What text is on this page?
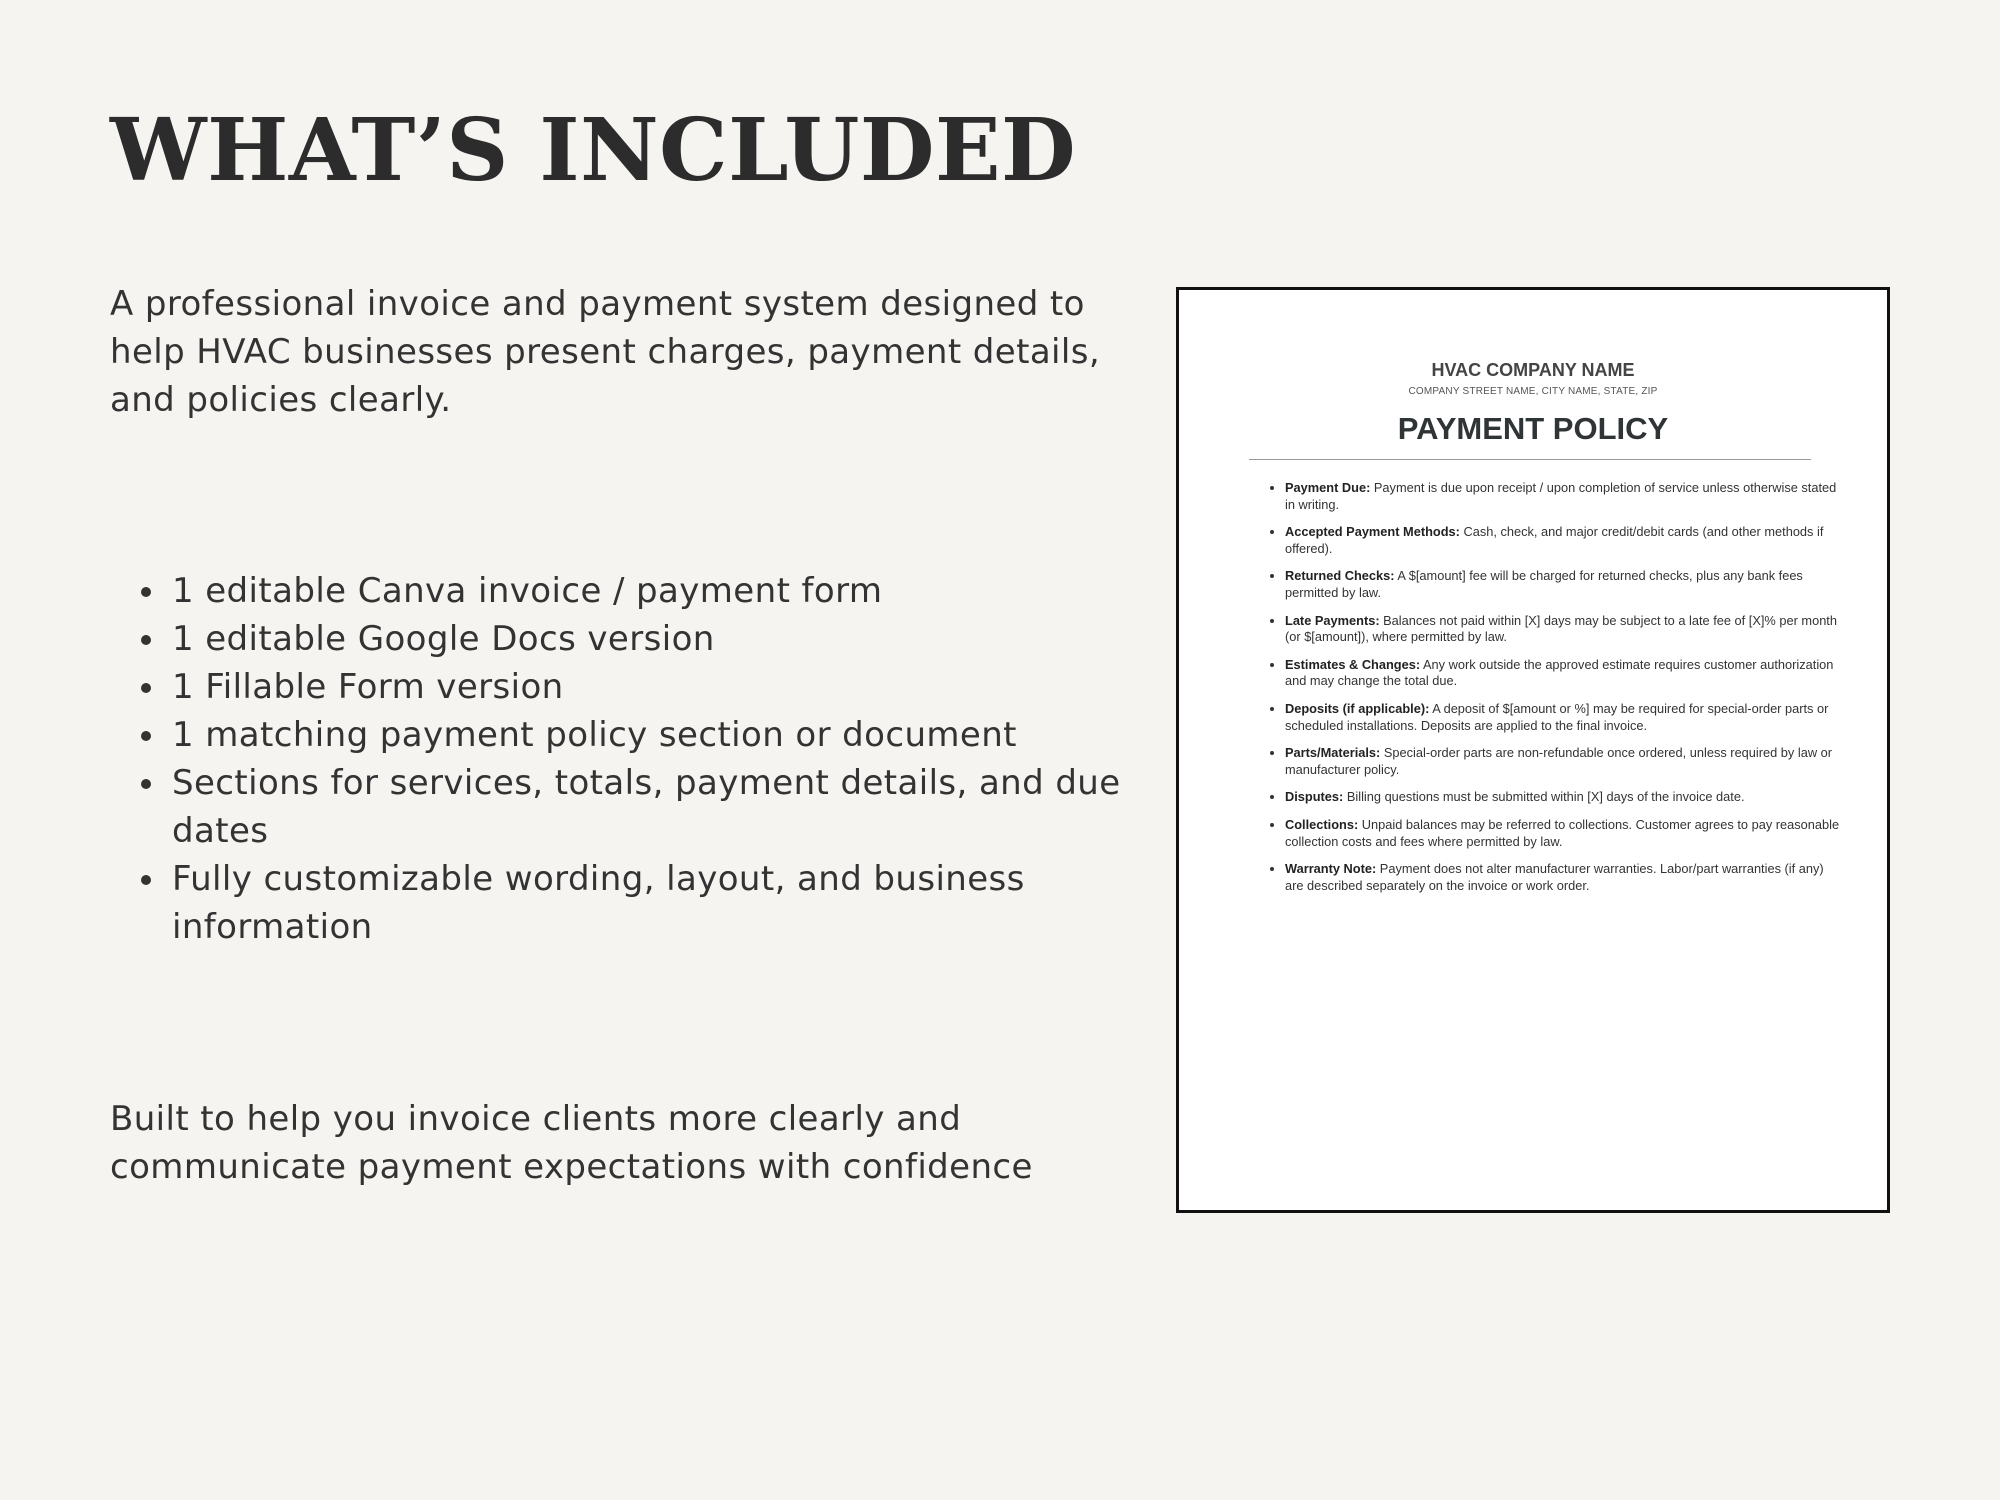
WHAT’S INCLUDED

A professional invoice and payment system designed to help HVAC businesses present charges, payment details, and policies clearly.

• 1 editable Canva invoice / payment form
• 1 editable Google Docs version
• 1 Fillable Form version
• 1 matching payment policy section or document
• Sections for services, totals, payment details, and due dates
• Fully customizable wording, layout, and business information

Built to help you invoice clients more clearly and
communicate payment expectations with confidence

HVAC COMPANY NAME
COMPANY STREET NAME, CITY NAME, STATE, ZIP
PAYMENT POLICY
• Payment Due: Payment is due upon receipt / upon completion of service unless otherwise stated in writing.
• Accepted Payment Methods: Cash, check, and major credit/debit cards (and other methods if offered).
• Returned Checks: A $[amount] fee will be charged for returned checks, plus any bank fees permitted by law.
• Late Payments: Balances not paid within [X] days may be subject to a late fee of [X]% per month (or $[amount]), where permitted by law.
• Estimates & Changes: Any work outside the approved estimate requires customer authorization and may change the total due.
• Deposits (if applicable): A deposit of $[amount or %] may be required for special-order parts or scheduled installations. Deposits are applied to the final invoice.
• Parts/Materials: Special-order parts are non-refundable once ordered, unless required by law or manufacturer policy.
• Disputes: Billing questions must be submitted within [X] days of the invoice date.
• Collections: Unpaid balances may be referred to collections. Customer agrees to pay reasonable collection costs and fees where permitted by law.
• Warranty Note: Payment does not alter manufacturer warranties. Labor/part warranties (if any) are described separately on the invoice or work order.
